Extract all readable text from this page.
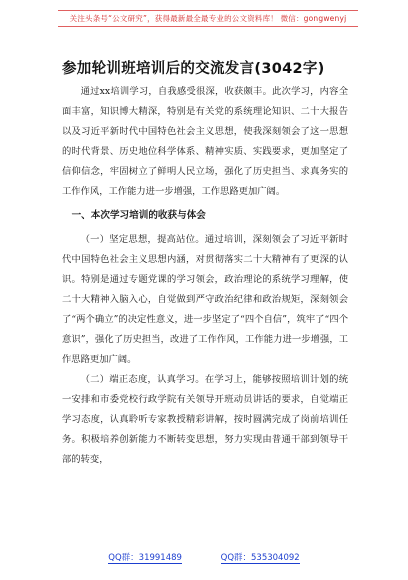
关注头条号“公文研究”，获得最新最全最专业的公文资料库！ 微信：gongwenyj
参加轮训班培训后的交流发言(3042字)

通过xx培训学习，自我感受很深，收获颇丰。此次学习，内容全面丰富，知识博大精深，特别是有关党的系统理论知识、二十大报告以及习近平新时代中国特色社会主义思想，使我深刻领会了这一思想的时代背景、历史地位科学体系、精神实质、实践要求，更加坚定了信仰信念，牢固树立了鲜明人民立场，强化了历史担当、求真务实的工作作风，工作能力进一步增强，工作思路更加广阔。

一、本次学习培训的收获与体会

（一）坚定思想，提高站位。通过培训，深刻领会了习近平新时代中国特色社会主义思想内涵，对贯彻落实二十大精神有了更深的认识。特别是通过专题党课的学习领会，政治理论的系统学习理解，使二十大精神入脑入心，自觉做到严守政治纪律和政治规矩，深刻领会了“两个确立”的决定性意义，进一步坚定了“四个自信”，筑牢了“四个意识”，强化了历史担当，改进了工作作风，工作能力进一步增强，工作思路更加广阔。

（二）端正态度，认真学习。在学习上，能够按照培训计划的统一安排和市委党校行政学院有关领导开班动员讲话的要求，自觉端正学习态度，认真聆听专家教授精彩讲解，按时圆满完成了岗前培训任务。积极培养创新能力不断转变思想，努力实现由普通干部到领导干部的转变，

QQ群：31991489	QQ群：535304092
